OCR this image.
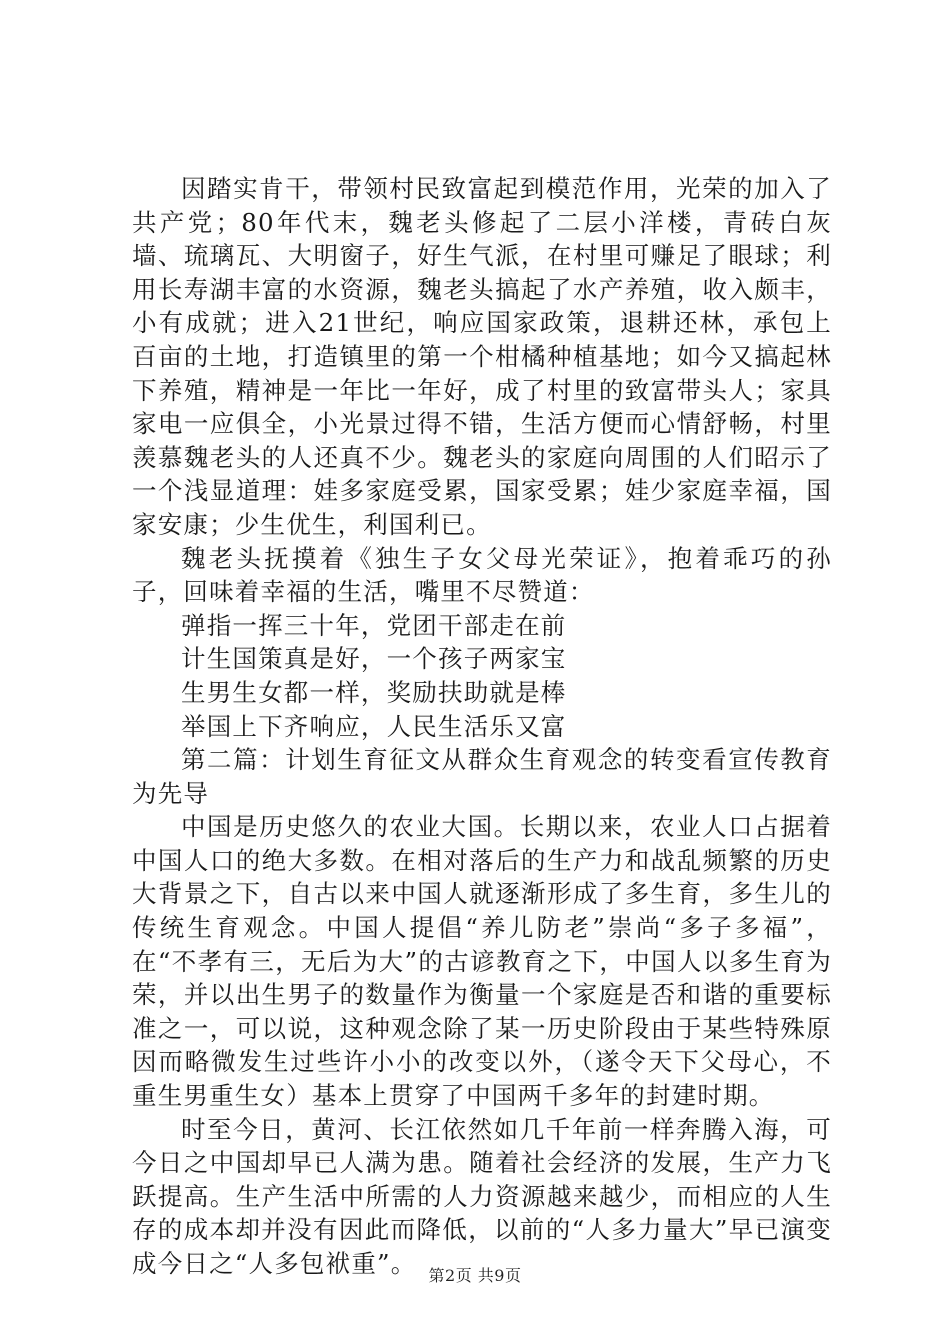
因踏实肯干，带领村民致富起到模范作用，光荣的加入了共产党；80年代末，魏老头修起了二层小洋楼，青砖白灰墙、琉璃瓦、大明窗子，好生气派，在村里可赚足了眼球；利用长寿湖丰富的水资源，魏老头搞起了水产养殖，收入颇丰，小有成就；进入21世纪，响应国家政策，退耕还林，承包上百亩的土地，打造镇里的第一个柑橘种植基地；如今又搞起林下养殖，精神是一年比一年好，成了村里的致富带头人；家具家电一应俱全，小光景过得不错，生活方便而心情舒畅，村里羡慕魏老头的人还真不少。魏老头的家庭向周围的人们昭示了一个浅显道理：娃多家庭受累，国家受累；娃少家庭幸福，国家安康；少生优生，利国利已。

魏老头抚摸着《独生子女父母光荣证》，抱着乖巧的孙子，回味着幸福的生活，嘴里不尽赞道：

弹指一挥三十年，党团干部走在前

计生国策真是好，一个孩子两家宝

生男生女都一样，奖励扶助就是棒

举国上下齐响应，人民生活乐又富

第二篇：计划生育征文从群众生育观念的转变看宣传教育为先导

中国是历史悠久的农业大国。长期以来，农业人口占据着中国人口的绝大多数。在相对落后的生产力和战乱频繁的历史大背景之下，自古以来中国人就逐渐形成了多生育，多生儿的传统生育观念。中国人提倡“养儿防老”崇尚“多子多福”，在“不孝有三，无后为大”的古谚教育之下，中国人以多生育为荣，并以出生男子的数量作为衡量一个家庭是否和谐的重要标准之一，可以说，这种观念除了某一历史阶段由于某些特殊原因而略微发生过些许小小的改变以外，（遂令天下父母心，不重生男重生女）基本上贯穿了中国两千多年的封建时期。

时至今日，黄河、长江依然如几千年前一样奔腾入海，可今日之中国却早已人满为患。随着社会经济的发展，生产力飞跃提高。生产生活中所需的人力资源越来越少，而相应的人生存的成本却并没有因此而降低，以前的“人多力量大”早已演变成今日之“人多包袱重”。 第2页 共9页
